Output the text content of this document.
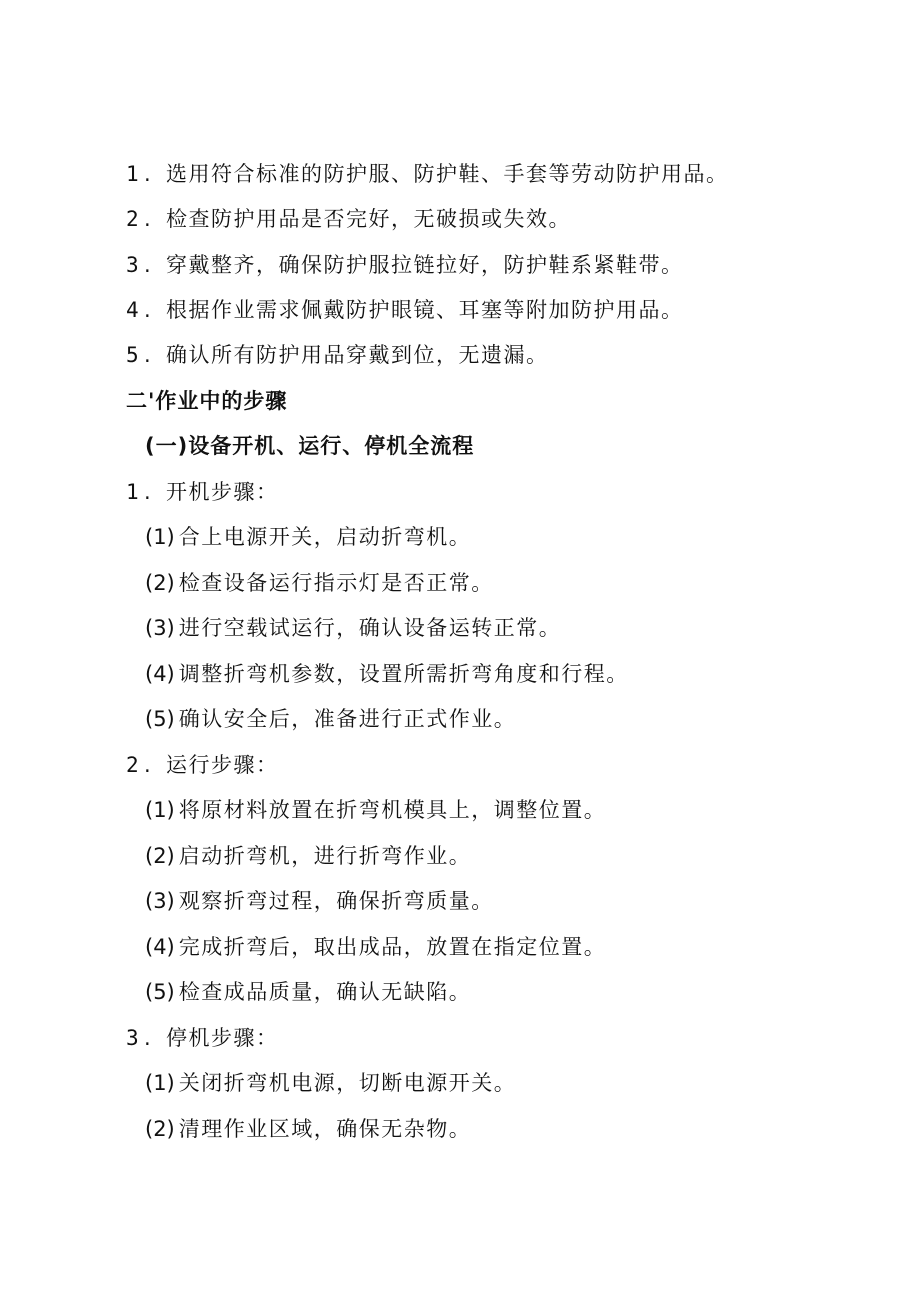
1 . 选用符合标准的防护服、防护鞋、手套等劳动防护用品。
2 . 检查防护用品是否完好，无破损或失效。
3 . 穿戴整齐，确保防护服拉链拉好，防护鞋系紧鞋带。
4 . 根据作业需求佩戴防护眼镜、耳塞等附加防护用品。
5 . 确认所有防护用品穿戴到位，无遗漏。
二'作业中的步骤
(一)设备开机、运行、停机全流程
1 . 开机步骤：
(1) 合上电源开关，启动折弯机。
(2) 检查设备运行指示灯是否正常。
(3) 进行空载试运行，确认设备运转正常。
(4) 调整折弯机参数，设置所需折弯角度和行程。
(5) 确认安全后，准备进行正式作业。
2 . 运行步骤：
(1) 将原材料放置在折弯机模具上，调整位置。
(2) 启动折弯机，进行折弯作业。
(3) 观察折弯过程，确保折弯质量。
(4) 完成折弯后，取出成品，放置在指定位置。
(5) 检查成品质量，确认无缺陷。
3 . 停机步骤：
(1) 关闭折弯机电源，切断电源开关。
(2) 清理作业区域，确保无杂物。
